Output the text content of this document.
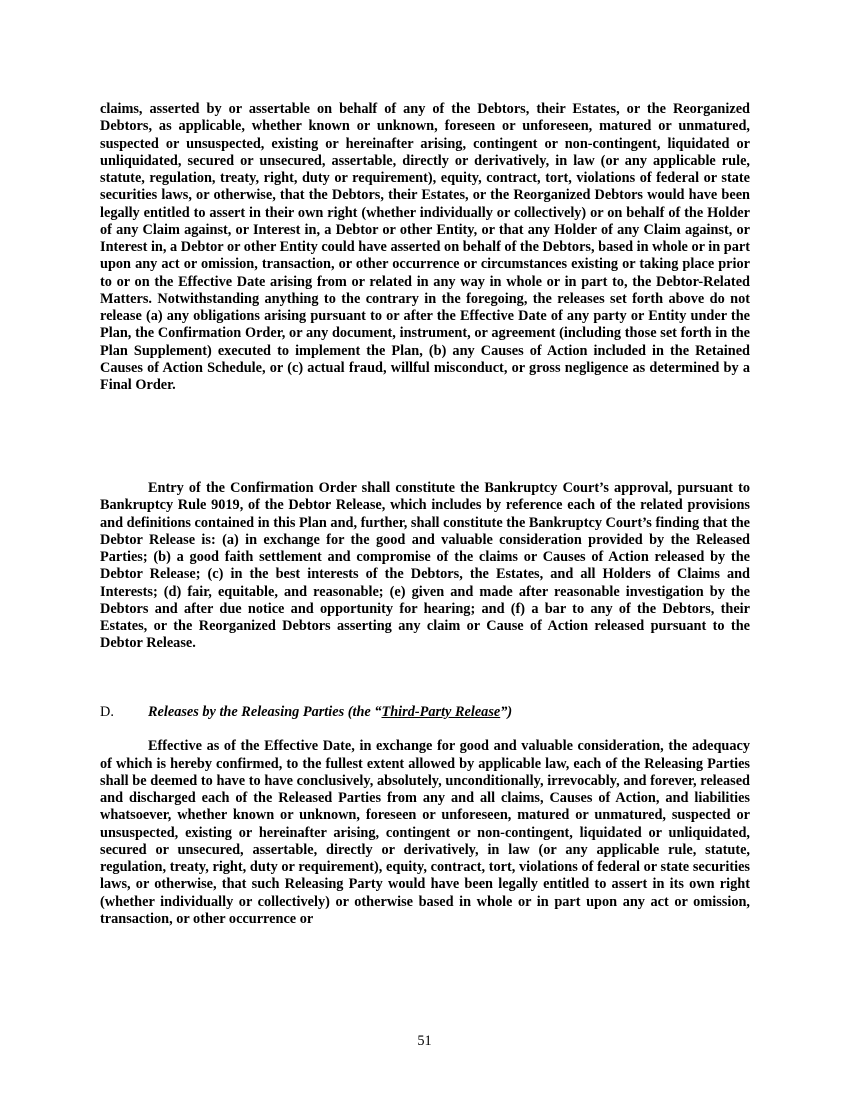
claims, asserted by or assertable on behalf of any of the Debtors, their Estates, or the Reorganized Debtors, as applicable, whether known or unknown, foreseen or unforeseen, matured or unmatured, suspected or unsuspected, existing or hereinafter arising, contingent or non-contingent, liquidated or unliquidated, secured or unsecured, assertable, directly or derivatively, in law (or any applicable rule, statute, regulation, treaty, right, duty or requirement), equity, contract, tort, violations of federal or state securities laws, or otherwise, that the Debtors, their Estates, or the Reorganized Debtors would have been legally entitled to assert in their own right (whether individually or collectively) or on behalf of the Holder of any Claim against, or Interest in, a Debtor or other Entity, or that any Holder of any Claim against, or Interest in, a Debtor or other Entity could have asserted on behalf of the Debtors, based in whole or in part upon any act or omission, transaction, or other occurrence or circumstances existing or taking place prior to or on the Effective Date arising from or related in any way in whole or in part to, the Debtor-Related Matters. Notwithstanding anything to the contrary in the foregoing, the releases set forth above do not release (a) any obligations arising pursuant to or after the Effective Date of any party or Entity under the Plan, the Confirmation Order, or any document, instrument, or agreement (including those set forth in the Plan Supplement) executed to implement the Plan, (b) any Causes of Action included in the Retained Causes of Action Schedule, or (c) actual fraud, willful misconduct, or gross negligence as determined by a Final Order.

Entry of the Confirmation Order shall constitute the Bankruptcy Court’s approval, pursuant to Bankruptcy Rule 9019, of the Debtor Release, which includes by reference each of the related provisions and definitions contained in this Plan and, further, shall constitute the Bankruptcy Court’s finding that the Debtor Release is: (a) in exchange for the good and valuable consideration provided by the Released Parties; (b) a good faith settlement and compromise of the claims or Causes of Action released by the Debtor Release; (c) in the best interests of the Debtors, the Estates, and all Holders of Claims and Interests; (d) fair, equitable, and reasonable; (e) given and made after reasonable investigation by the Debtors and after due notice and opportunity for hearing; and (f) a bar to any of the Debtors, their Estates, or the Reorganized Debtors asserting any claim or Cause of Action released pursuant to the Debtor Release.

D.	Releases by the Releasing Parties (the “Third-Party Release”)

Effective as of the Effective Date, in exchange for good and valuable consideration, the adequacy of which is hereby confirmed, to the fullest extent allowed by applicable law, each of the Releasing Parties shall be deemed to have to have conclusively, absolutely, unconditionally, irrevocably, and forever, released and discharged each of the Released Parties from any and all claims, Causes of Action, and liabilities whatsoever, whether known or unknown, foreseen or unforeseen, matured or unmatured, suspected or unsuspected, existing or hereinafter arising, contingent or non-contingent, liquidated or unliquidated, secured or unsecured, assertable, directly or derivatively, in law (or any applicable rule, statute, regulation, treaty, right, duty or requirement), equity, contract, tort, violations of federal or state securities laws, or otherwise, that such Releasing Party would have been legally entitled to assert in its own right (whether individually or collectively) or otherwise based in whole or in part upon any act or omission, transaction, or other occurrence or

51
